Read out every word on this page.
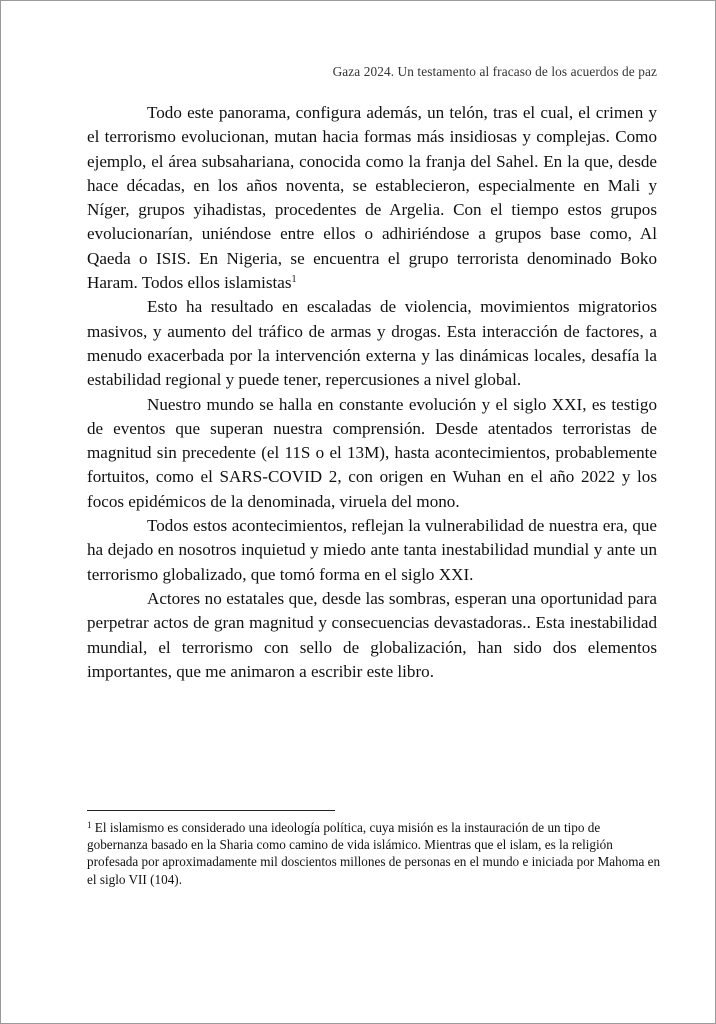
Gaza 2024. Un testamento al fracaso de los acuerdos de paz

Todo este panorama, configura además, un telón, tras el cual, el crimen y el terrorismo evolucionan, mutan hacia formas más insidiosas y complejas. Como ejemplo, el área subsahariana, conocida como la franja del Sahel. En la que, desde hace décadas, en los años noventa, se establecieron, especialmente en Mali y Níger, grupos yihadistas, procedentes de Argelia. Con el tiempo estos grupos evolucionarían, uniéndose entre ellos o adhiriéndose a grupos base como, Al Qaeda o ISIS. En Nigeria, se encuentra el grupo terrorista denominado Boko Haram. Todos ellos islamistas$^1$

Esto ha resultado en escaladas de violencia, movimientos migratorios masivos, y aumento del tráfico de armas y drogas. Esta interacción de factores, a menudo exacerbada por la intervención externa y las dinámicas locales, desafía la estabilidad regional y puede tener, repercusiones a nivel global.

Nuestro mundo se halla en constante evolución y el siglo XXI, es testigo de eventos que superan nuestra comprensión. Desde atentados terroristas de magnitud sin precedente (el 11S o el 13M), hasta acontecimientos, probablemente fortuitos, como el SARS-COVID 2, con origen en Wuhan en el año 2022 y los focos epidémicos de la denominada, viruela del mono.

Todos estos acontecimientos, reflejan la vulnerabilidad de nuestra era, que ha dejado en nosotros inquietud y miedo ante tanta inestabilidad mundial y ante un terrorismo globalizado, que tomó forma en el siglo XXI.

Actores no estatales que, desde las sombras, esperan una oportunidad para perpetrar actos de gran magnitud y consecuencias devastadoras.. Esta inestabilidad mundial, el terrorismo con sello de globalización, han sido dos elementos importantes, que me animaron a escribir este libro.

$^1$ El islamismo es considerado una ideología política, cuya misión es la instauración de un tipo de gobernanza basado en la Sharia como camino de vida islámico. Mientras que el islam, es la religión profesada por aproximadamente mil doscientos millones de personas en el mundo e iniciada por Mahoma en el siglo VII (104).
